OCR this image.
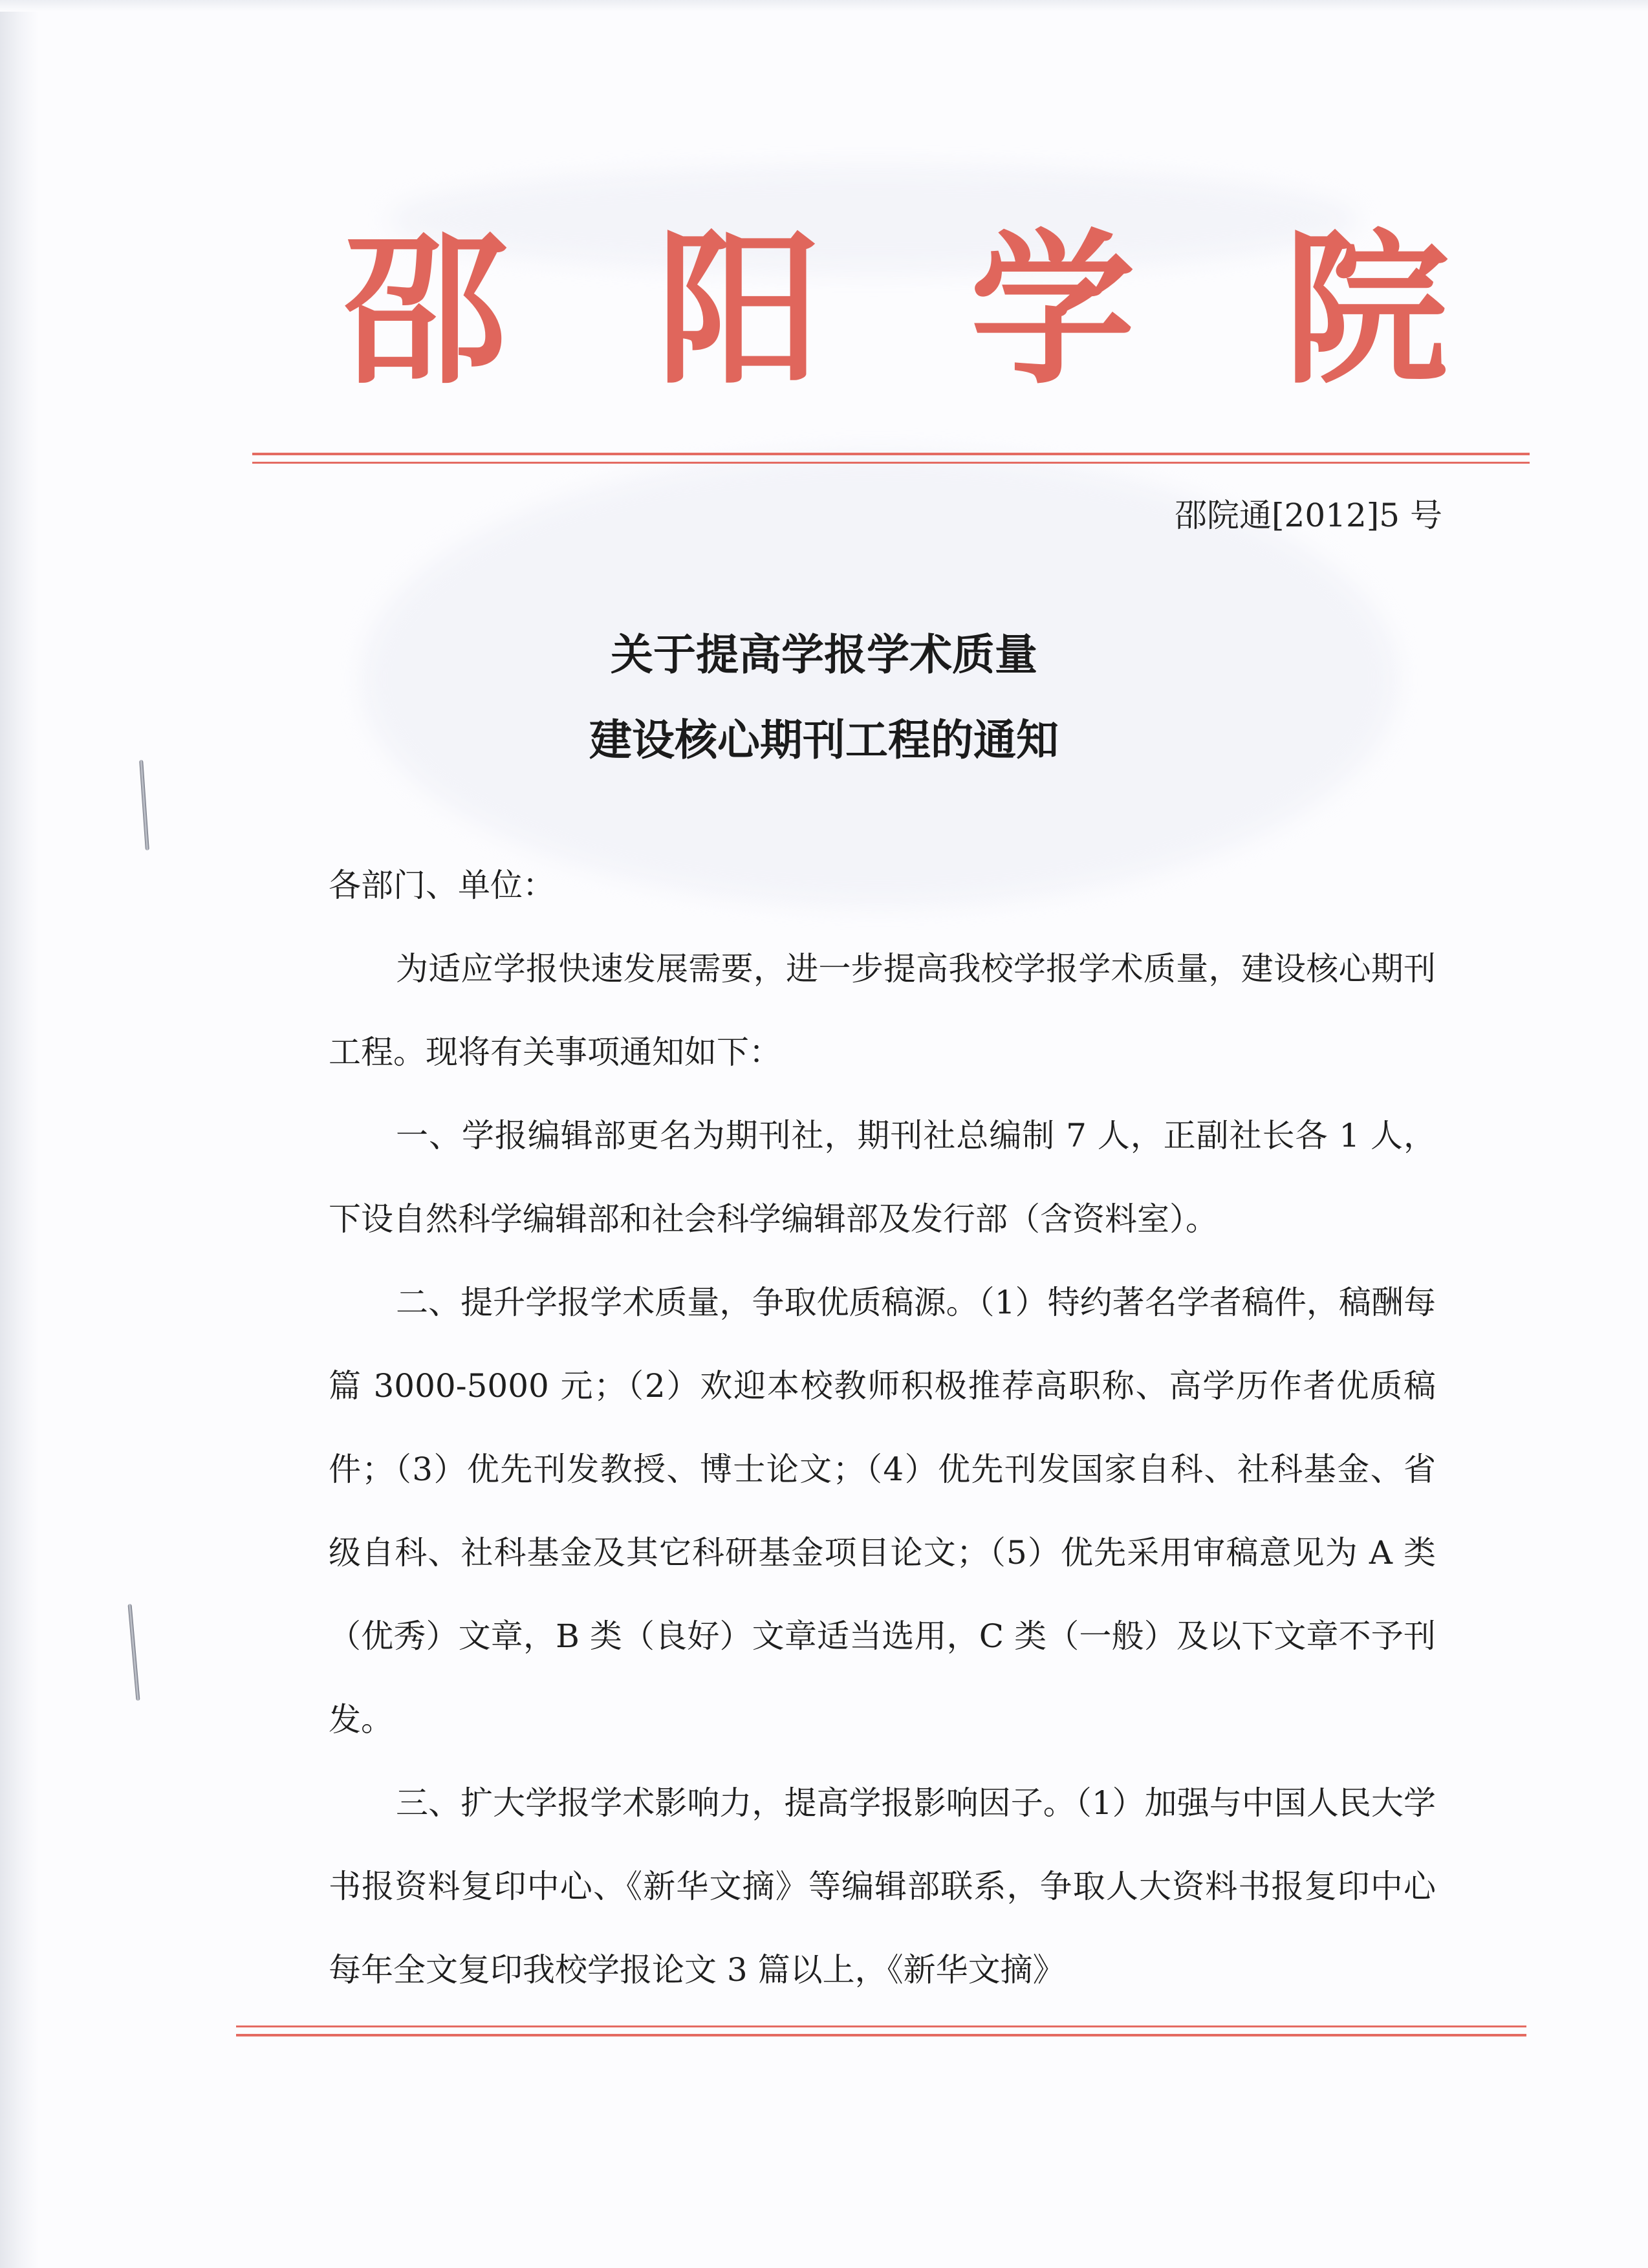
邵 阳 学 院
邵院通[2012]5 号
关于提高学报学术质量
建设核心期刊工程的通知

各部门、单位：

为适应学报快速发展需要，进一步提高我校学报学术质量，建设核心期刊工程。现将有关事项通知如下：

一、学报编辑部更名为期刊社，期刊社总编制 7 人，正副社长各 1 人，下设自然科学编辑部和社会科学编辑部及发行部（含资料室）。

二、提升学报学术质量，争取优质稿源。（1）特约著名学者稿件，稿酬每篇 3000-5000 元；（2）欢迎本校教师积极推荐高职称、高学历作者优质稿件；（3）优先刊发教授、博士论文；（4）优先刊发国家自科、社科基金、省级自科、社科基金及其它科研基金项目论文；（5）优先采用审稿意见为 A 类（优秀）文章，B 类（良好）文章适当选用，C 类（一般）及以下文章不予刊发。

三、扩大学报学术影响力，提高学报影响因子。（1）加强与中国人民大学书报资料复印中心、《新华文摘》等编辑部联系，争取人大资料书报复印中心每年全文复印我校学报论文 3 篇以上，《新华文摘》
